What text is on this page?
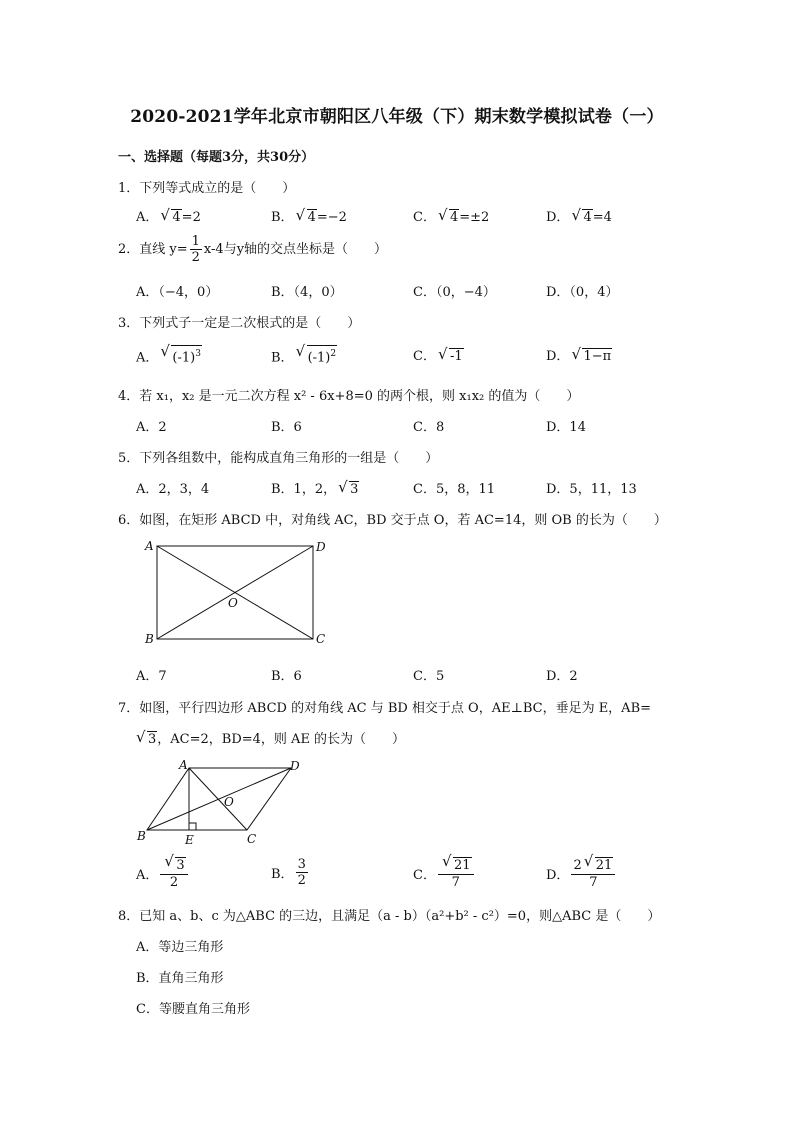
2020-2021学年北京市朝阳区八年级（下）期末数学模拟试卷（一）
一、选择题（每题3分，共30分）
1．下列等式成立的是（　　）
A． √ 4=2	B． √ 4=−2	C． √ 4=±2	D． √ 4=4
2．直线 $y= \frac{1}{2} x-4$与y轴的交点坐标是（　　）
A．（−4，0）	B．（4，0）	C．（0，−4）	D．（0，4）
3．下列式子一定是二次根式的是（　　）
A． √ $(-1)^3$	B． √ $(-1)^2$	C． √ -1	D． √ 1−π
4．若 x₁，x₂ 是一元二次方程 x² - 6x+8=0 的两个根，则 x₁x₂ 的值为（　　）
A．2	B．6	C．8	D．14
5．下列各组数中，能构成直角三角形的一组是（　　）
A．2，3，4	B．1，2， √ 3	C．5，8，11	D．5，11，13
6．如图，在矩形 ABCD 中，对角线 AC，BD 交于点 O，若 AC=14，则 OB 的长为（　　）
A	D
B	C
O
A．7	B．6	C．5	D．2
7．如图，平行四边形 ABCD 的对角线 AC 与 BD 相交于点 O，AE⊥BC，垂足为 E，AB=
√ 3，AC=2，BD=4，则 AE 的长为（　　）
A	D
B	E	C
O
A． √ $\frac{3}{2}$	B． $\frac{3}{2}$	C． √ $\frac{21}{7}$	D． $\frac{2 √ 21}{7}$
8．已知 a、b、c 为△ABC 的三边，且满足（a - b）（a²+b² - c²）=0，则△ABC 是（　　）
A．等边三角形
B．直角三角形
C．等腰直角三角形
